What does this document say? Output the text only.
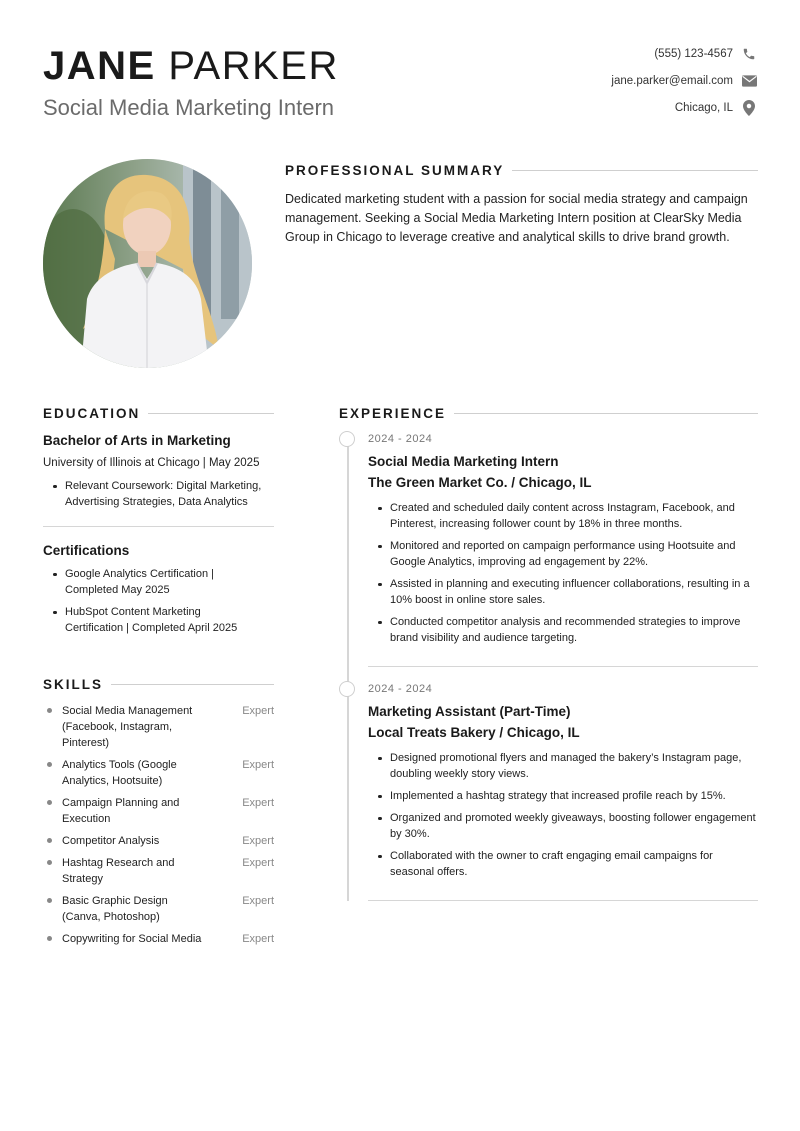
JANE PARKER
Social Media Marketing Intern
(555) 123-4567
jane.parker@email.com
Chicago, IL
PROFESSIONAL SUMMARY
Dedicated marketing student with a passion for social media strategy and campaign management. Seeking a Social Media Marketing Intern position at ClearSky Media Group in Chicago to leverage creative and analytical skills to drive brand growth.
EDUCATION
Bachelor of Arts in Marketing
University of Illinois at Chicago | May 2025
Relevant Coursework: Digital Marketing, Advertising Strategies, Data Analytics
Certifications
Google Analytics Certification | Completed May 2025
HubSpot Content Marketing Certification | Completed April 2025
SKILLS
Social Media Management (Facebook, Instagram, Pinterest)
Expert
Analytics Tools (Google Analytics, Hootsuite)
Expert
Campaign Planning and Execution
Expert
Competitor Analysis	Expert
Hashtag Research and Strategy
Expert
Basic Graphic Design (Canva, Photoshop)
Expert
Copywriting for Social Media	Expert
EXPERIENCE
2024 - 2024
Social Media Marketing Intern
The Green Market Co. / Chicago, IL
Created and scheduled daily content across Instagram, Facebook, and Pinterest, increasing follower count by 18% in three months.
Monitored and reported on campaign performance using Hootsuite and Google Analytics, improving ad engagement by 22%.
Assisted in planning and executing influencer collaborations, resulting in a 10% boost in online store sales.
Conducted competitor analysis and recommended strategies to improve brand visibility and audience targeting.
2024 - 2024
Marketing Assistant (Part-Time)
Local Treats Bakery / Chicago, IL
Designed promotional flyers and managed the bakery’s Instagram page, doubling weekly story views.
Implemented a hashtag strategy that increased profile reach by 15%.
Organized and promoted weekly giveaways, boosting follower engagement by 30%.
Collaborated with the owner to craft engaging email campaigns for seasonal offers.
